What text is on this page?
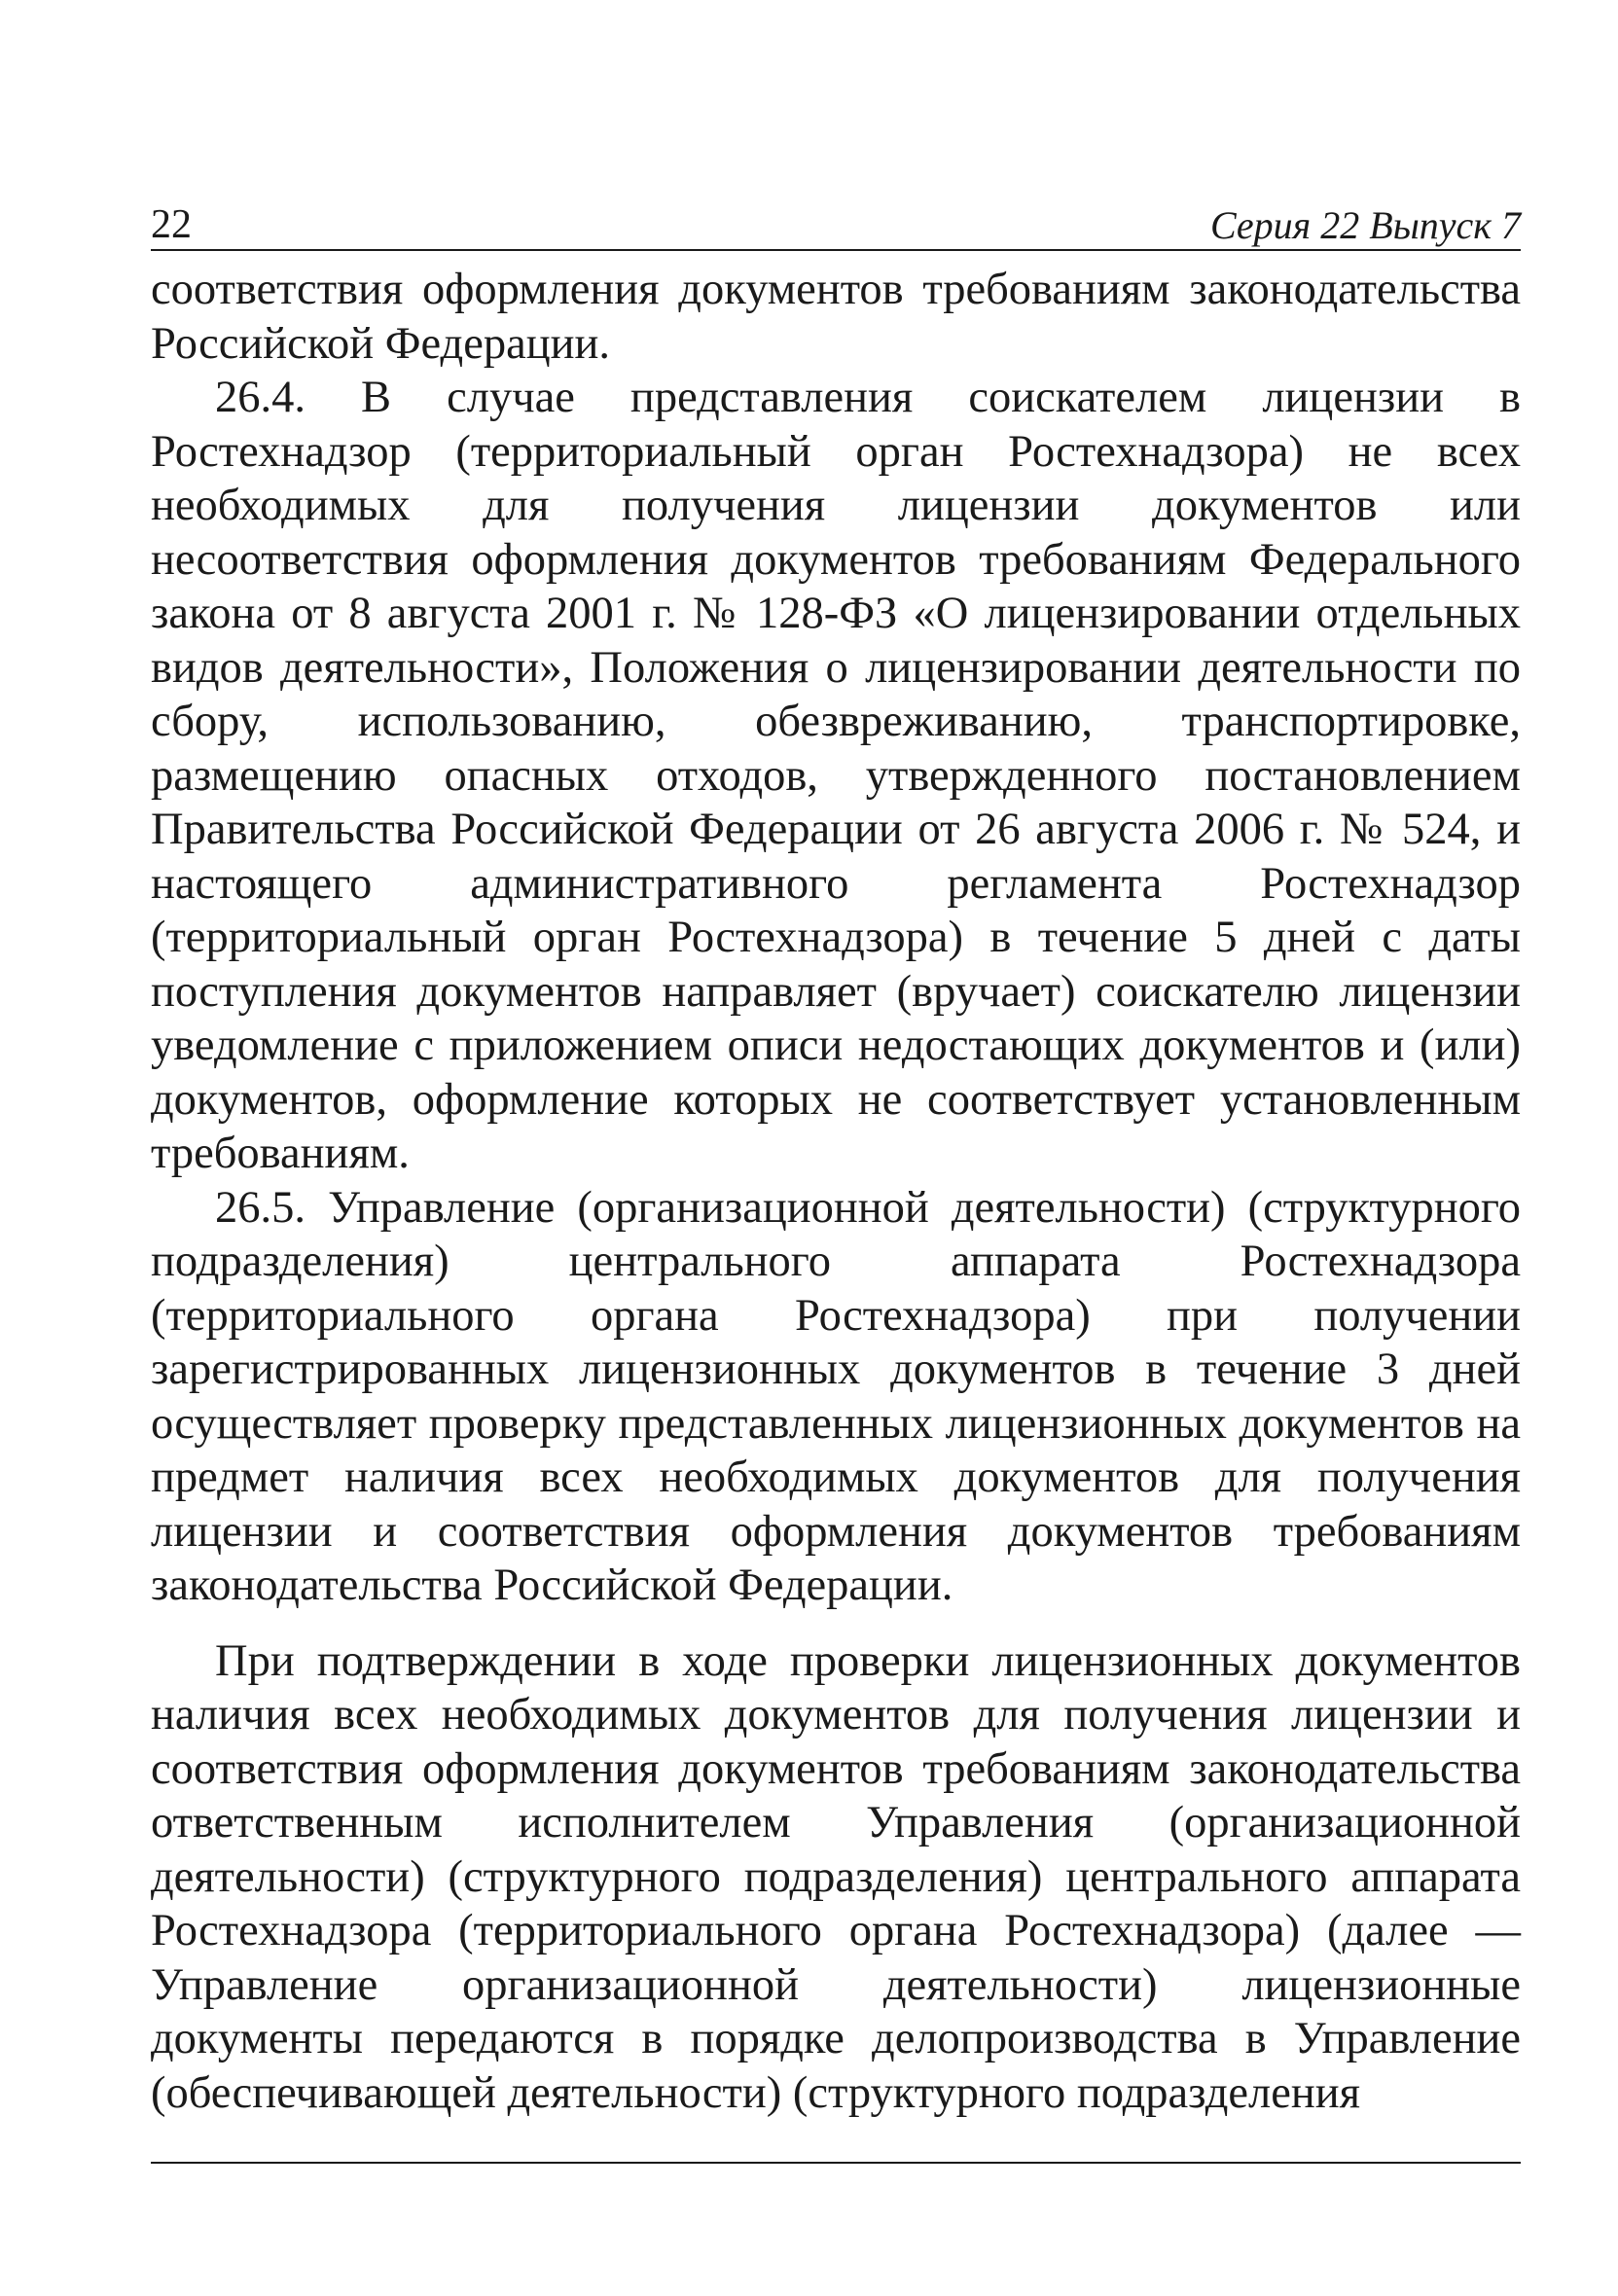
22	Серия 22 Выпуск 7

соответствия оформления документов требованиям законодательства Российской Федерации.

26.4. В случае представления соискателем лицензии в Ростехнадзор (территориальный орган Ростехнадзора) не всех необходимых для получения лицензии документов или несоответствия оформления документов требованиям Федерального закона от 8 августа 2001 г. № 128-ФЗ «О лицензировании отдельных видов деятельности», Положения о лицензировании деятельности по сбору, использованию, обезвреживанию, транспортировке, размещению опасных отходов, утвержденного постановлением Правительства Российской Федерации от 26 августа 2006 г. № 524, и настоящего административного регламента Ростехнадзор (территориальный орган Ростехнадзора) в течение 5 дней с даты поступления документов направляет (вручает) соискателю лицензии уведомление с приложением описи недостающих документов и (или) документов, оформление которых не соответствует установленным требованиям.

26.5. Управление (организационной деятельности) (структурного подразделения) центрального аппарата Ростехнадзора (территориального органа Ростехнадзора) при получении зарегистрированных лицензионных документов в течение 3 дней осуществляет проверку представленных лицензионных документов на предмет наличия всех необходимых документов для получения лицензии и соответствия оформления документов требованиям законодательства Российской Федерации.

При подтверждении в ходе проверки лицензионных документов наличия всех необходимых документов для получения лицензии и соответствия оформления документов требованиям законодательства ответственным исполнителем Управления (организационной деятельности) (структурного подразделения) центрального аппарата Ростехнадзора (территориального органа Ростехнадзора) (далее — Управление организационной деятельности) лицензионные документы передаются в порядке делопроизводства в Управление (обеспечивающей деятельности) (структурного подразделения
